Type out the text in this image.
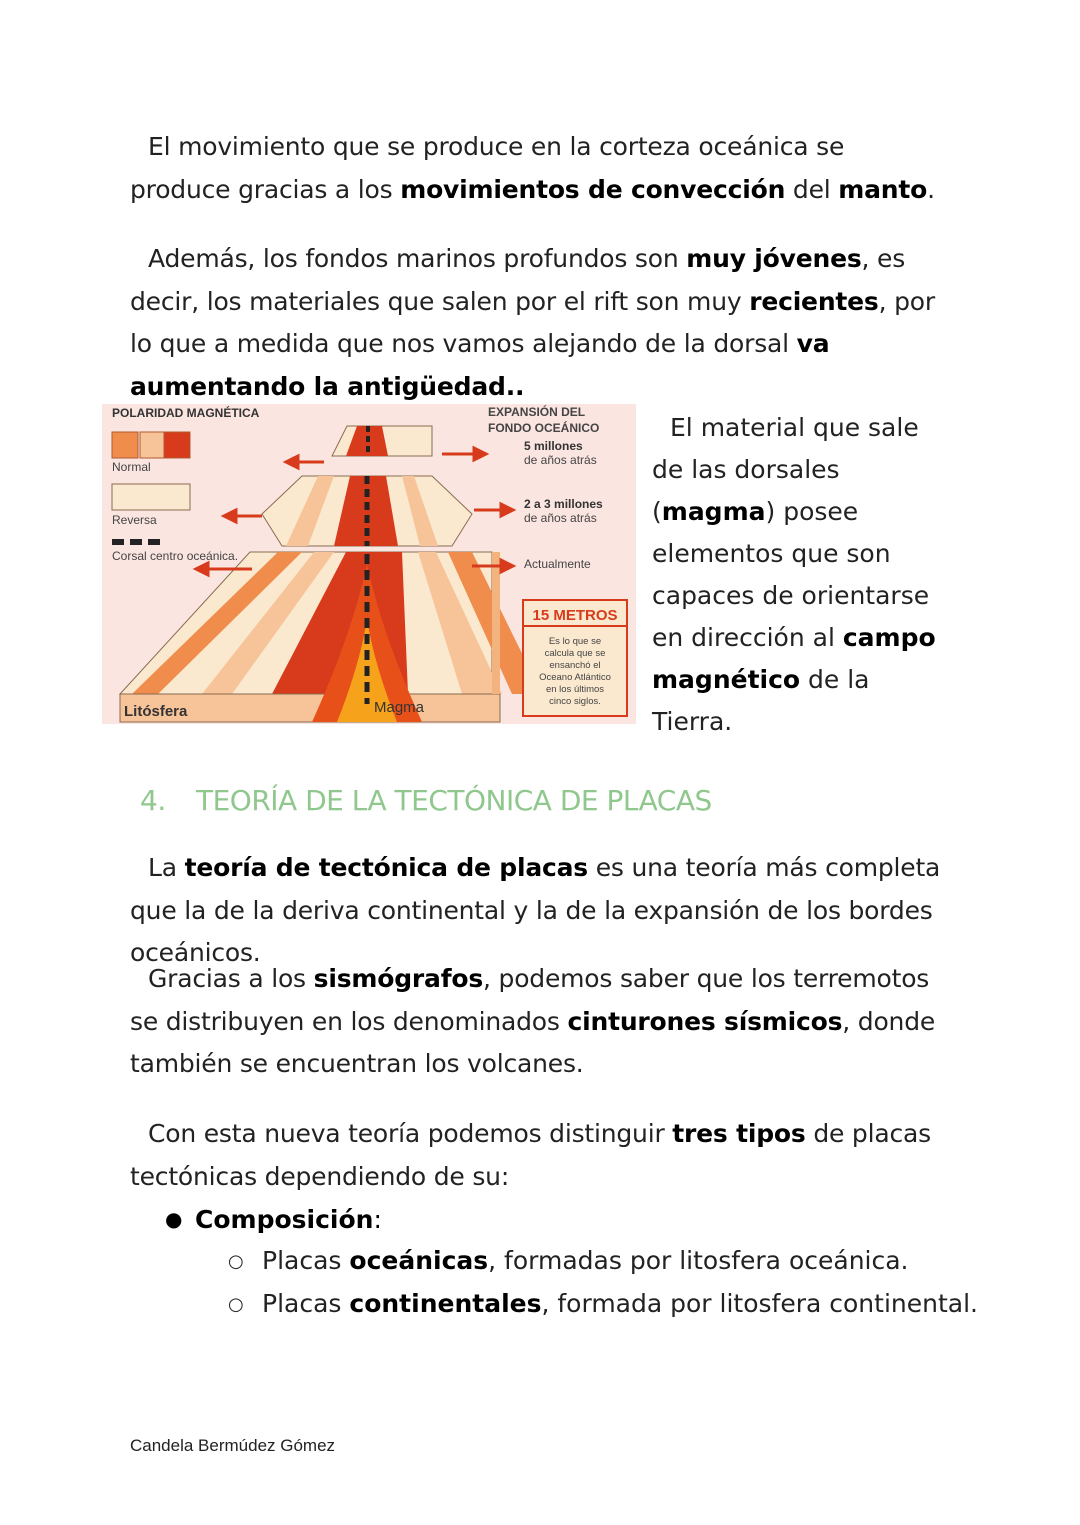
El movimiento que se produce en la corteza oceánica se produce gracias a los movimientos de convección del manto.
Además, los fondos marinos profundos son muy jóvenes, es decir, los materiales que salen por el rift son muy recientes, por lo que a medida que nos vamos alejando de la dorsal va aumentando la antigüedad..
POLARIDAD MAGNÉTICA
Normal
Reversa
Corsal centro oceánica.
EXPANSIÓN DEL
FONDO OCEÁNICO
5 millones
de años atrás
2 a 3 millones
de años atrás
Actualmente
15 METROS
Es lo que se
calcula que se
ensanchó el
Oceano Atlántico
en los últimos
cinco siglos.
Litósfera	Magma
El material que sale de las dorsales (magma) posee elementos que son capaces de orientarse en dirección al campo magnético de la Tierra.
4. TEORÍA DE LA TECTÓNICA DE PLACAS
La teoría de tectónica de placas es una teoría más completa que la de la deriva continental y la de la expansión de los bordes oceánicos.
Gracias a los sismógrafos, podemos saber que los terremotos se distribuyen en los denominados cinturones sísmicos, donde también se encuentran los volcanes.
Con esta nueva teoría podemos distinguir tres tipos de placas tectónicas dependiendo de su:
● Composición:
○ Placas oceánicas, formadas por litosfera oceánica.
○ Placas continentales, formada por litosfera continental.
Candela Bermúdez Gómez
